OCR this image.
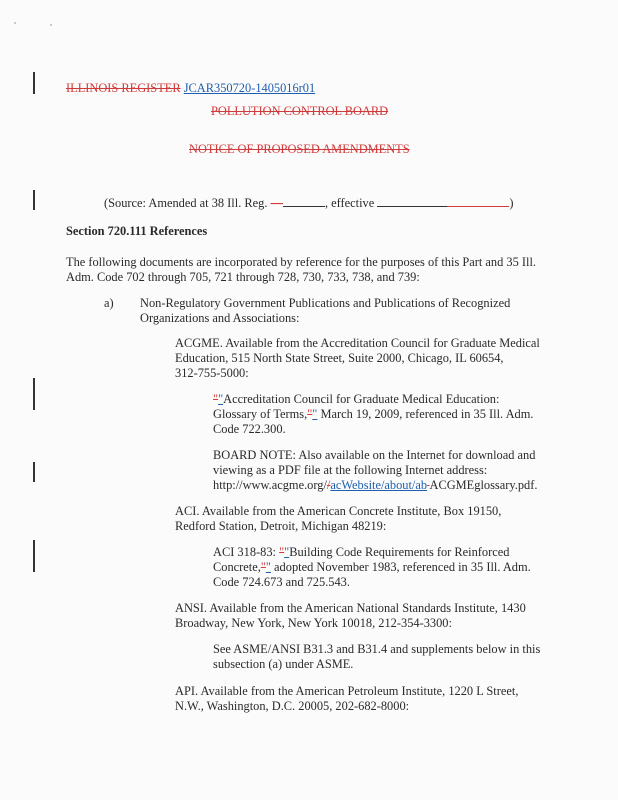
ILLINOIS REGISTER JCAR350720-1405016r01
POLLUTION CONTROL BOARD
NOTICE OF PROPOSED AMENDMENTS
(Source: Amended at 38 Ill. Reg. —	, effective	)
Section 720.111 References
The following documents are incorporated by reference for the purposes of this Part and 35 Ill.
Adm. Code 702 through 705, 721 through 728, 730, 733, 738, and 739:
a) Non-Regulatory Government Publications and Publications of Recognized
Organizations and Associations:
ACGME. Available from the Accreditation Council for Graduate Medical
Education, 515 North State Street, Suite 2000, Chicago, IL 60654,
312-755-5000:
""Accreditation Council for Graduate Medical Education:
Glossary of Terms,"" March 19, 2009, referenced in 35 Ill. Adm.
Code 722.300.
BOARD NOTE: Also available on the Internet for download and
viewing as a PDF file at the following Internet address:
http://www.acgme.org//acWebsite/about/ab ACGMEglossary.pdf.
ACI. Available from the American Concrete Institute, Box 19150,
Redford Station, Detroit, Michigan 48219:
ACI 318-83: ""Building Code Requirements for Reinforced
Concrete,"" adopted November 1983, referenced in 35 Ill. Adm.
Code 724.673 and 725.543.
ANSI. Available from the American National Standards Institute, 1430
Broadway, New York, New York 10018, 212-354-3300:
See ASME/ANSI B31.3 and B31.4 and supplements below in this
subsection (a) under ASME.
API. Available from the American Petroleum Institute, 1220 L Street,
N.W., Washington, D.C. 20005, 202-682-8000:
